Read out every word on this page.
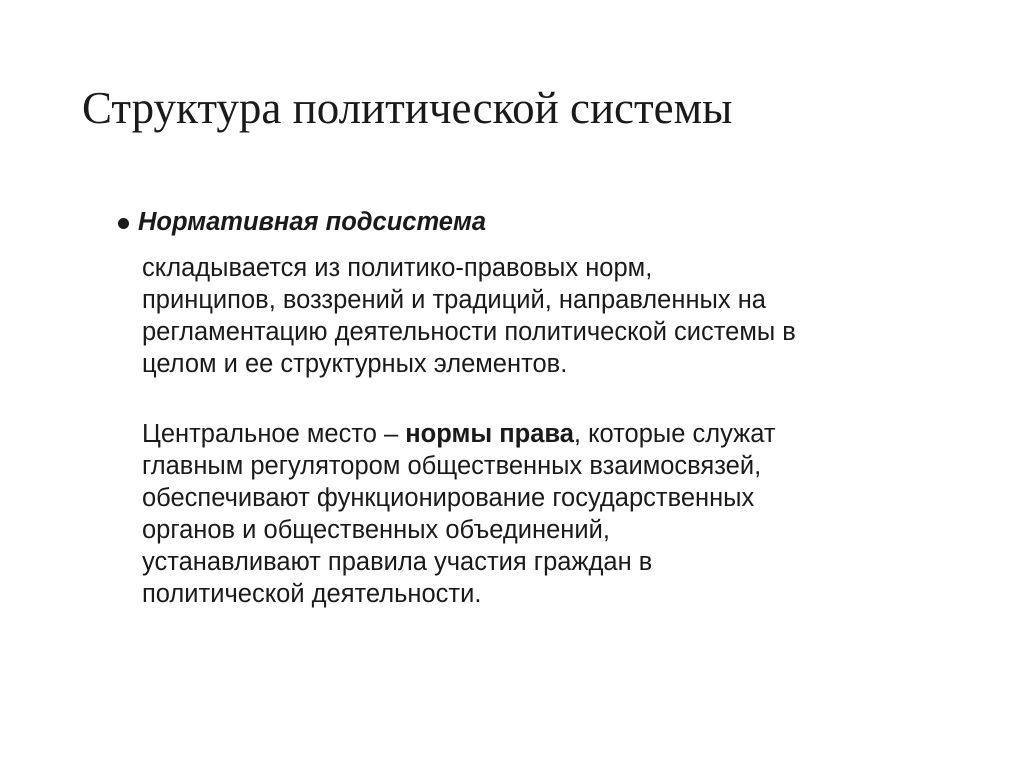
Структура политической системы
Нормативная подсистема

складывается из политико-правовых норм,
принципов, воззрений и традиций, направленных на
регламентацию деятельности политической системы в
целом и ее структурных элементов.

Центральное место – нормы права, которые служат
главным регулятором общественных взаимосвязей,
обеспечивают функционирование государственных
органов и общественных объединений,
устанавливают правила участия граждан в
политической деятельности.
